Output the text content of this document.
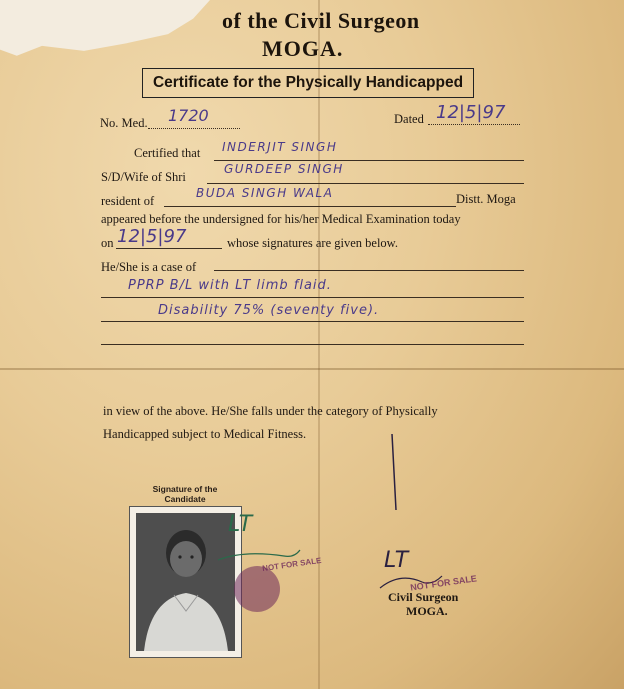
of the Civil Surgeon
MOGA.
Certificate for the Physically Handicapped
No. Med. 1720	Dated 12|5|97
Certified that INDERJIT SINGH
S/D/Wife of Shri
GURDEEP SINGH
resident of
BUDA SINGH WALA	Distt. Moga
appeared before the undersigned for his/her Medical Examination today
on 12|5|97	whose signatures are given below.
He/She is a case of
PPRP B/L with LT limb flaid.
Disability 75% (seventy five).
in view of the above. He/She falls under the category of Physically
Handicapped subject to Medical Fitness.
Signature of the Candidate
LT
NOT FOR SALE	LT
NOT FOR SALE
Civil Surgeon
MOGA.
